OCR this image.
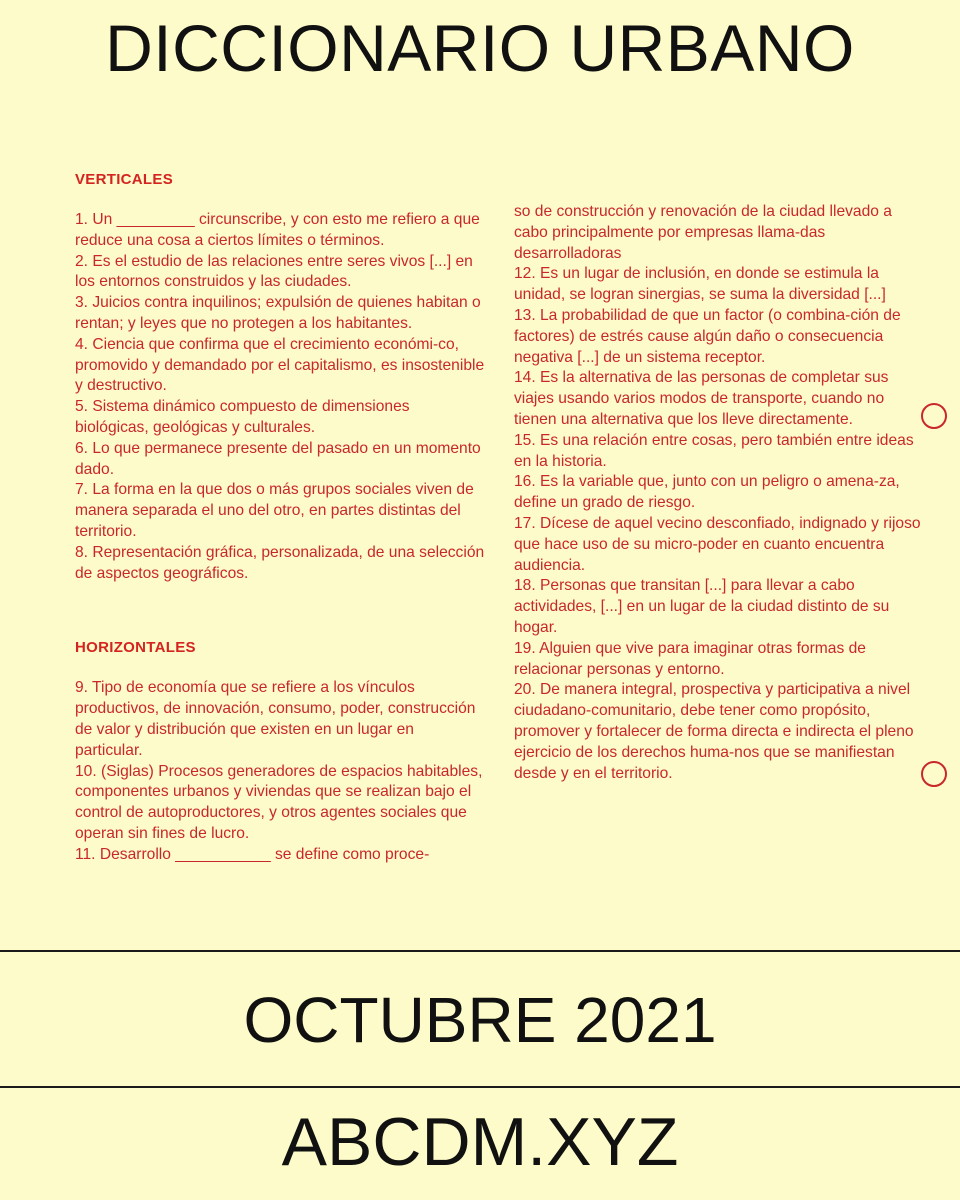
DICCIONARIO URBANO
VERTICALES

1. Un _________ circunscribe, y con esto me refiero a que reduce una cosa a ciertos límites o términos.

2. Es el estudio de las relaciones entre seres vivos [...] en los entornos construidos y las ciudades.

3. Juicios contra inquilinos; expulsión de quienes habitan o rentan; y leyes que no protegen a los habitantes.

4. Ciencia que confirma que el crecimiento económi-co, promovido y demandado por el capitalismo, es insostenible y destructivo.

5. Sistema dinámico compuesto de dimensiones biológicas, geológicas y culturales.

6. Lo que permanece presente del pasado en un momento dado.

7. La forma en la que dos o más grupos sociales viven de manera separada el uno del otro, en partes distintas del territorio.

8. Representación gráfica, personalizada, de una selección de aspectos geográficos.

HORIZONTALES

9. Tipo de economía que se refiere a los vínculos productivos, de innovación, consumo, poder, construcción de valor y distribución que existen en un lugar en particular.

10. (Siglas) Procesos generadores de espacios habitables, componentes urbanos y viviendas que se realizan bajo el control de autoproductores, y otros agentes sociales que operan sin fines de lucro.

11. Desarrollo ___________ se define como proce-

so de construcción y renovación de la ciudad llevado a cabo principalmente por empresas llama-das desarrolladoras

12. Es un lugar de inclusión, en donde se estimula la unidad, se logran sinergias, se suma la diversidad [...]

13. La probabilidad de que un factor (o combina-ción de factores) de estrés cause algún daño o consecuencia negativa [...] de un sistema receptor.

14. Es la alternativa de las personas de completar sus viajes usando varios modos de transporte, cuando no tienen una alternativa que los lleve directamente.

15. Es una relación entre cosas, pero también entre ideas en la historia.

16. Es la variable que, junto con un peligro o amena-za, define un grado de riesgo.

17. Dícese de aquel vecino desconfiado, indignado y rijoso que hace uso de su micro-poder en cuanto encuentra audiencia.

18. Personas que transitan [...] para llevar a cabo actividades, [...] en un lugar de la ciudad distinto de su hogar.

19. Alguien que vive para imaginar otras formas de relacionar personas y entorno.

20. De manera integral, prospectiva y participativa a nivel ciudadano-comunitario, debe tener como propósito, promover y fortalecer de forma directa e indirecta el pleno ejercicio de los derechos huma-nos que se manifiestan desde y en el territorio.

OCTUBRE 2021

ABCDM.XYZ
